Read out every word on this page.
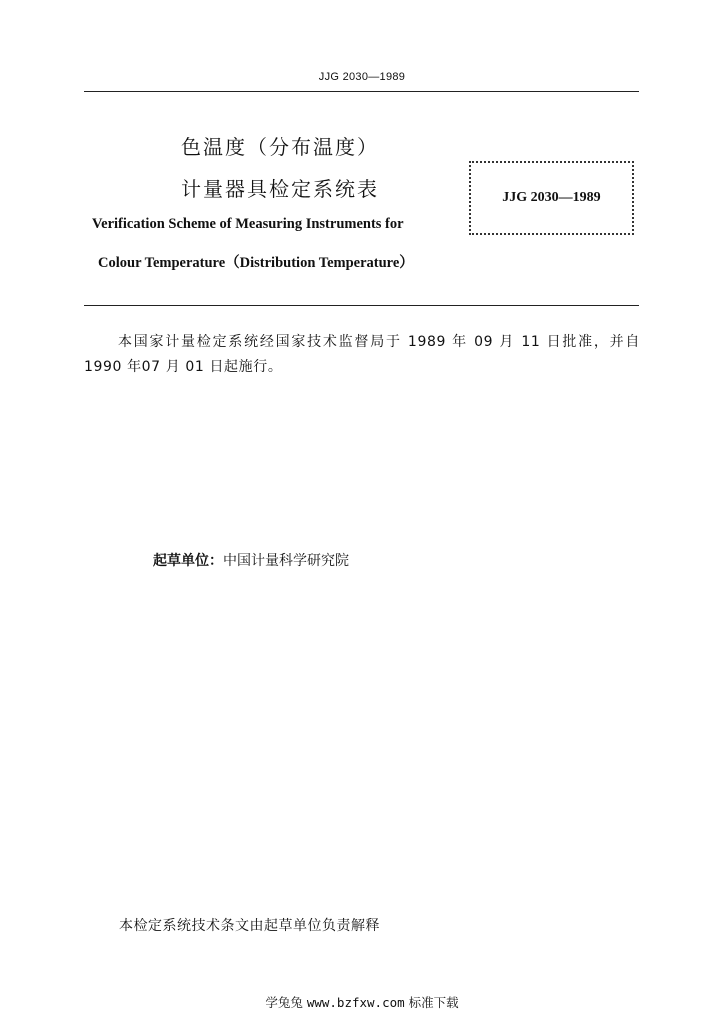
JJG 2030—1989
色温度（分布温度）
计量器具检定系统表	JJG 2030—1989
Verification Scheme of Measuring Instruments for
Colour Temperature（Distribution Temperature）
本国家计量检定系统经国家技术监督局于 1989 年 09 月 11 日批准，并自 1990 年07 月 01 日起施行。
起草单位：中国计量科学研究院
本检定系统技术条文由起草单位负责解释
学兔兔 www.bzfxw.com 标准下载
